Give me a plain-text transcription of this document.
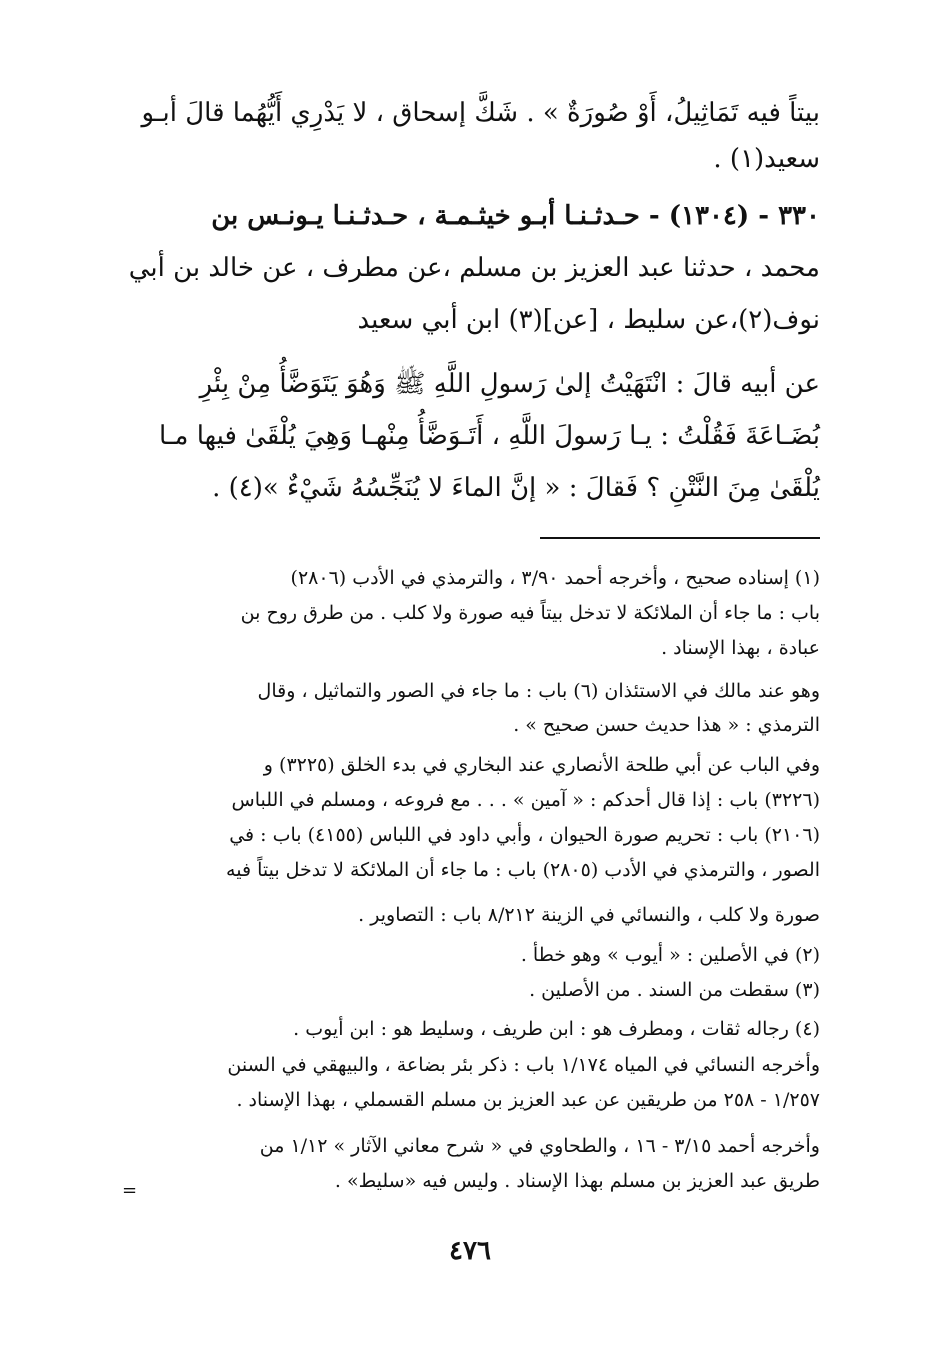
بيتاً فيه تَمَاثِيلُ، أَوْ صُورَةٌ » . شَكَّ إسحاق ، لا يَدْرِي أَيُّهُما قالَ أبـو
سعيد(١) .
٣٣٠ - (١٣٠٤) - حـدثـنـا أبـو خيثـمـة ، حـدثـنـا يـونـس بن
محمد ، حدثنا عبد العزيز بن مسلم ،عن مطرف ، عن خالد بن أبي
نوف(٢)،عن سليط ، [عن](٣) ابن أبي سعيد
عن أبيه قالَ : انْتَهَيْتُ إلىٰ رَسولِ اللَّهِ ﷺ وَهُوَ يَتَوَضَّأُ مِنْ بِئْرِ
بُضَـاعَةَ فَقُلْتُ : يـا رَسولَ اللَّهِ ، أَتَـوَضَّأُ مِنْهـا وَهِيَ يُلْقَىٰ فيها مـا
يُلْقَىٰ مِنَ النَّتْنِ ؟ فَقالَ : « إنَّ الماءَ لا يُنَجِّسُهُ شَيْءٌ »(٤) .
(١) إسناده صحيح ، وأخرجه أحمد ٣/٩٠ ، والترمذي في الأدب (٢٨٠٦)
باب : ما جاء أن الملائكة لا تدخل بيتاً فيه صورة ولا كلب . من طرق روح بن
عبادة ، بهذا الإسناد .
وهو عند مالك في الاستئذان (٦) باب : ما جاء في الصور والتماثيل ، وقال
الترمذي : « هذا حديث حسن صحيح » .
وفي الباب عن أبي طلحة الأنصاري عند البخاري في بدء الخلق (٣٢٢٥) و
(٣٢٢٦) باب : إذا قال أحدكم : « آمين » . . . مع فروعه ، ومسلم في اللباس
(٢١٠٦) باب : تحريم صورة الحيوان ، وأبي داود في اللباس (٤١٥٥) باب : في
الصور ، والترمذي في الأدب (٢٨٠٥) باب : ما جاء أن الملائكة لا تدخل بيتاً فيه
صورة ولا كلب ، والنسائي في الزينة ٨/٢١٢ باب : التصاوير .
(٢) في الأصلين : « أيوب » وهو خطأ .
(٣) سقطت من السند . من الأصلين .
(٤) رجاله ثقات ، ومطرف هو : ابن طريف ، وسليط هو : ابن أيوب .
وأخرجه النسائي في المياه ١/١٧٤ باب : ذكر بئر بضاعة ، والبيهقي في السنن
١/٢٥٧ - ٢٥٨ من طريقين عن عبد العزيز بن مسلم القسملي ، بهذا الإسناد .
وأخرجه أحمد ٣/١٥ - ١٦ ، والطحاوي في « شرح معاني الآثار » ١/١٢ من
طريق عبد العزيز بن مسلم بهذا الإسناد . وليس فيه «سليط» .
=
٤٧٦
